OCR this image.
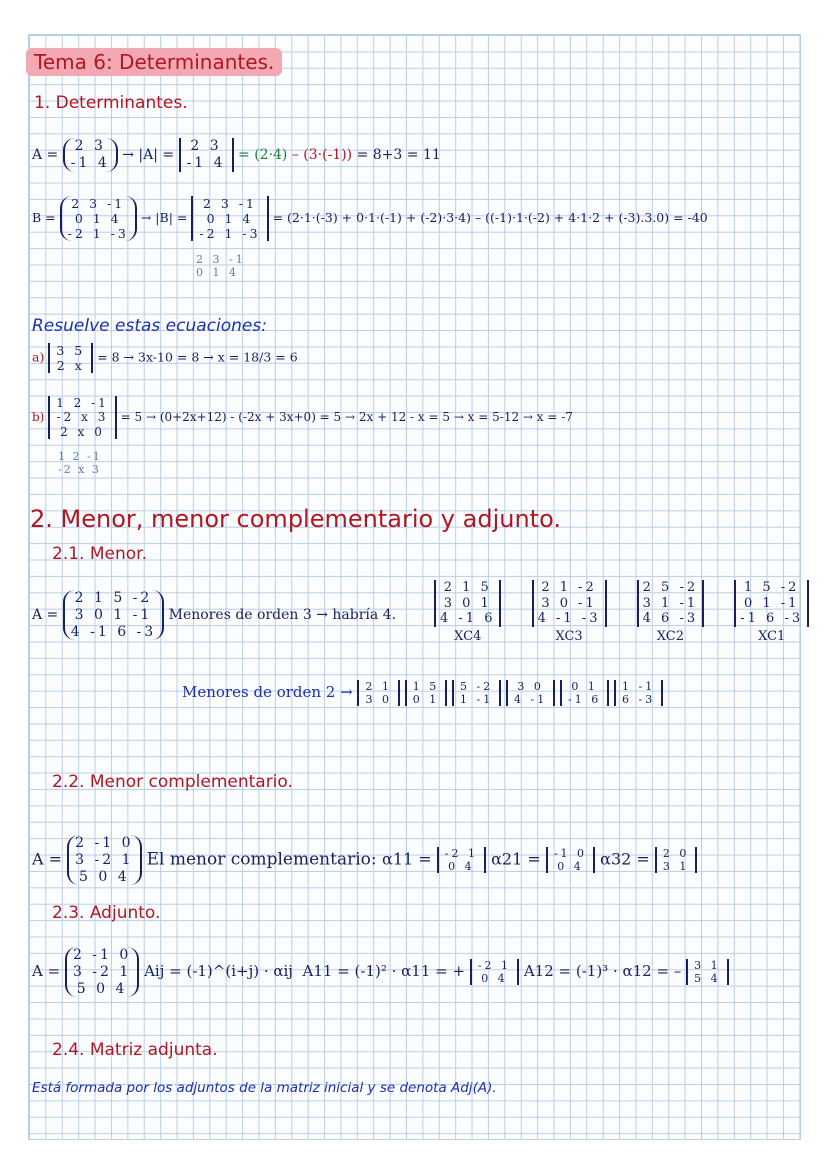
Tema 6: Determinantes.
1. Determinantes.
A =
2 3
-1 4 → |A| =
2 3
-1 4 = (2·4) – (3·(-1)) = 8+3 = 11
B =
2 3 -1
0 1 4
-2 1 -3
→ |B| =
2 3 -1
0 1 4
-2 1 -3
= (2·1·(-3) + 0·1·(-1) + (-2)·3·4) – ((-1)·1·(-2) + 4·1·2 + (-3).3.0) = -40
2 3 -1
0 1 4
Resuelve estas ecuaciones:
a) 3 5
2 x
= 8 → 3x-10 = 8 → x = 18/3 = 6
b)
1 2 -1
-2 x 3
2 x 0
= 5 → (0+2x+12) - (-2x + 3x+0) = 5 → 2x + 12 - x = 5 → x = 5-12 → x = -7
1 2 -1
-2 x 3
2. Menor, menor complementario y adjunto.
2.1. Menor.
A =
2 1 5 -2
3 0 1 -1
4 -1 6 -3
Menores de orden 3 → habría 4.
2 1 5
3 0 1
4 -1 6
XC4

2 1 -2
3 0 -1
4 -1 -3
XC3

2 5 -2
3 1 -1
4 6 -3
XC2

1 5 -2
0 1 -1
-1 6 -3
XC1
Menores de orden 2 → 2 1
3 0

1 5
0 1

5 -2
1 -1

3 0
4 -1

0 1
-1 6

1 -1
6 -3
2.2. Menor complementario.
A =
2 -1 0
3 -2 1
5 0 4
El menor complementario: α11 = -2 1
0 4 α21 = -1 0
0 4 α32 = 2 0
3 1
2.3. Adjunto.
A =
2 -1 0
3 -2 1
5 0 4
Aij = (-1)^(i+j) · αij A11 = (-1)² · α11 = + -2 1
0 4 A12 = (-1)³ · α12 = – 3 1
5 4
2.4. Matriz adjunta.
Está formada por los adjuntos de la matriz inicial y se denota Adj(A).
